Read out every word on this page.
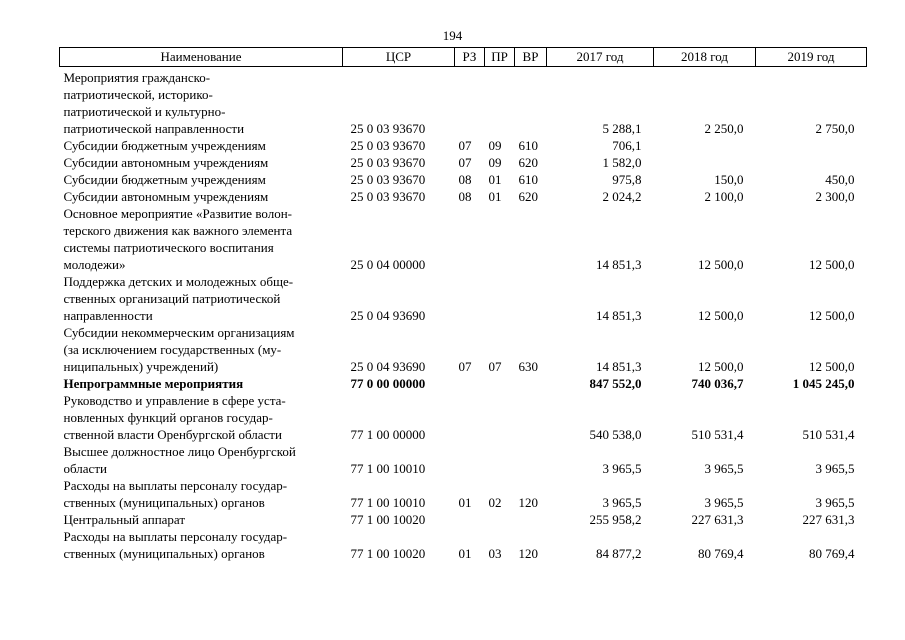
194
Наименование	ЦСР	РЗ	ПР	ВР	2017 год	2018 год	2019 год
Мероприятия гражданско-							
патриотической, историко-							
патриотической и культурно-							
патриотической направленности	25 0 03 93670				5 288,1	2 250,0	2 750,0
Субсидии бюджетным учреждениям	25 0 03 93670	07	09	610	706,1		
Субсидии автономным учреждениям	25 0 03 93670	07	09	620	1 582,0		
Субсидии бюджетным учреждениям	25 0 03 93670	08	01	610	975,8	150,0	450,0
Субсидии автономным учреждениям	25 0 03 93670	08	01	620	2 024,2	2 100,0	2 300,0
Основное мероприятие «Развитие волон-							
терского движения как важного элемента							
системы патриотического воспитания							
молодежи»	25 0 04 00000				14 851,3	12 500,0	12 500,0
Поддержка детских и молодежных обще-							
ственных организаций патриотической							
направленности	25 0 04 93690				14 851,3	12 500,0	12 500,0
Субсидии некоммерческим организациям							
(за исключением государственных (му-							
ниципальных) учреждений)	25 0 04 93690	07	07	630	14 851,3	12 500,0	12 500,0
Непрограммные мероприятия	77 0 00 00000				847 552,0	740 036,7	1 045 245,0
Руководство и управление в сфере уста-							
новленных функций органов государ-							
ственной власти Оренбургской области	77 1 00 00000				540 538,0	510 531,4	510 531,4
Высшее должностное лицо Оренбургской							
области	77 1 00 10010				3 965,5	3 965,5	3 965,5
Расходы на выплаты персоналу государ-							
ственных (муниципальных) органов	77 1 00 10010	01	02	120	3 965,5	3 965,5	3 965,5
Центральный аппарат	77 1 00 10020				255 958,2	227 631,3	227 631,3
Расходы на выплаты персоналу государ-							
ственных (муниципальных) органов	77 1 00 10020	01	03	120	84 877,2	80 769,4	80 769,4
